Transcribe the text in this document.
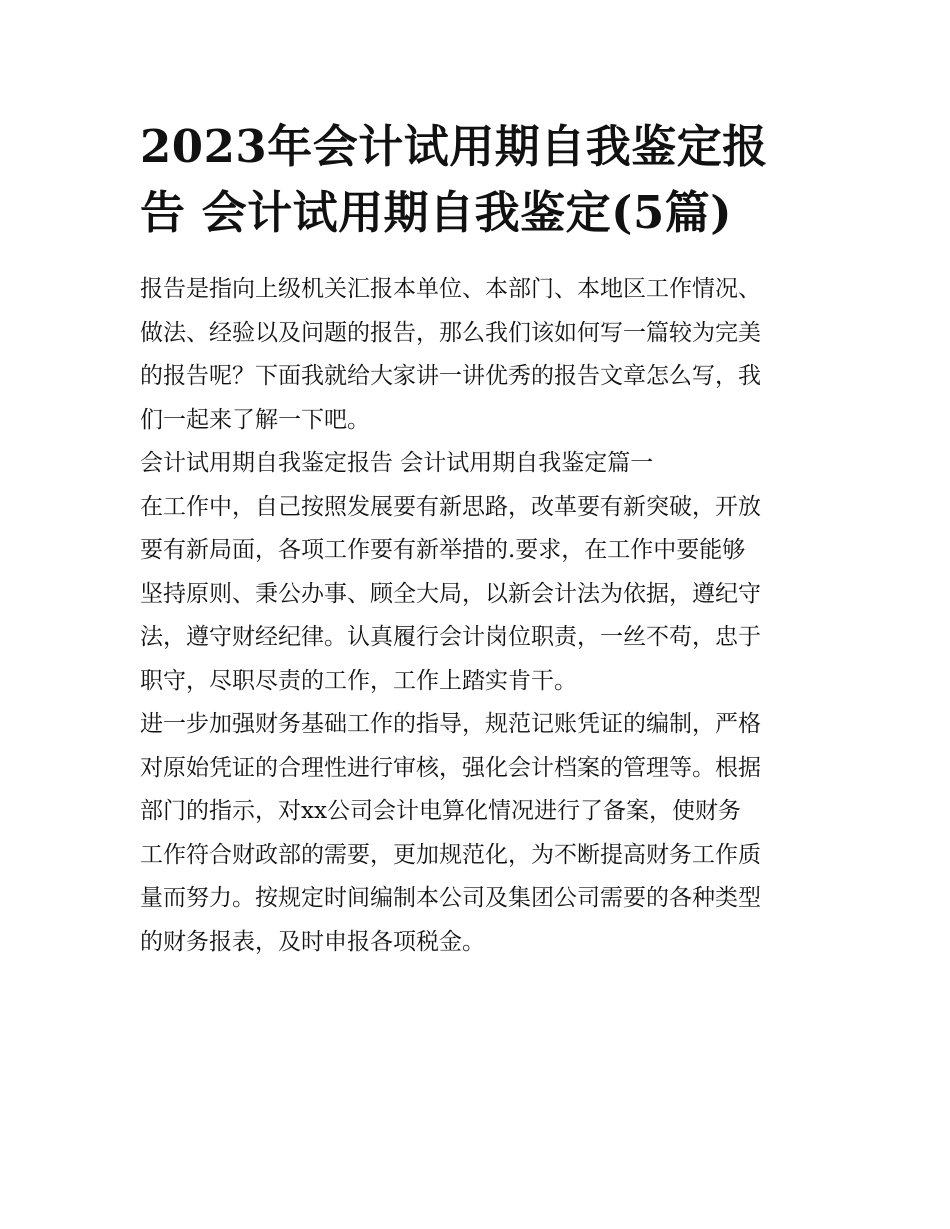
2023年会计试用期自我鉴定报
告 会计试用期自我鉴定(5篇)

报告是指向上级机关汇报本单位、本部门、本地区工作情况、
做法、经验以及问题的报告，那么我们该如何写一篇较为完美
的报告呢？下面我就给大家讲一讲优秀的报告文章怎么写，我
们一起来了解一下吧。

会计试用期自我鉴定报告 会计试用期自我鉴定篇一

在工作中，自己按照发展要有新思路，改革要有新突破，开放
要有新局面，各项工作要有新举措的.要求，在工作中要能够
坚持原则、秉公办事、顾全大局，以新会计法为依据，遵纪守
法，遵守财经纪律。认真履行会计岗位职责，一丝不苟，忠于
职守，尽职尽责的工作，工作上踏实肯干。

进一步加强财务基础工作的指导，规范记账凭证的编制，严格
对原始凭证的合理性进行审核，强化会计档案的管理等。根据
部门的指示，对xx公司会计电算化情况进行了备案，使财务
工作符合财政部的需要，更加规范化，为不断提高财务工作质
量而努力。按规定时间编制本公司及集团公司需要的各种类型
的财务报表，及时申报各项税金。
